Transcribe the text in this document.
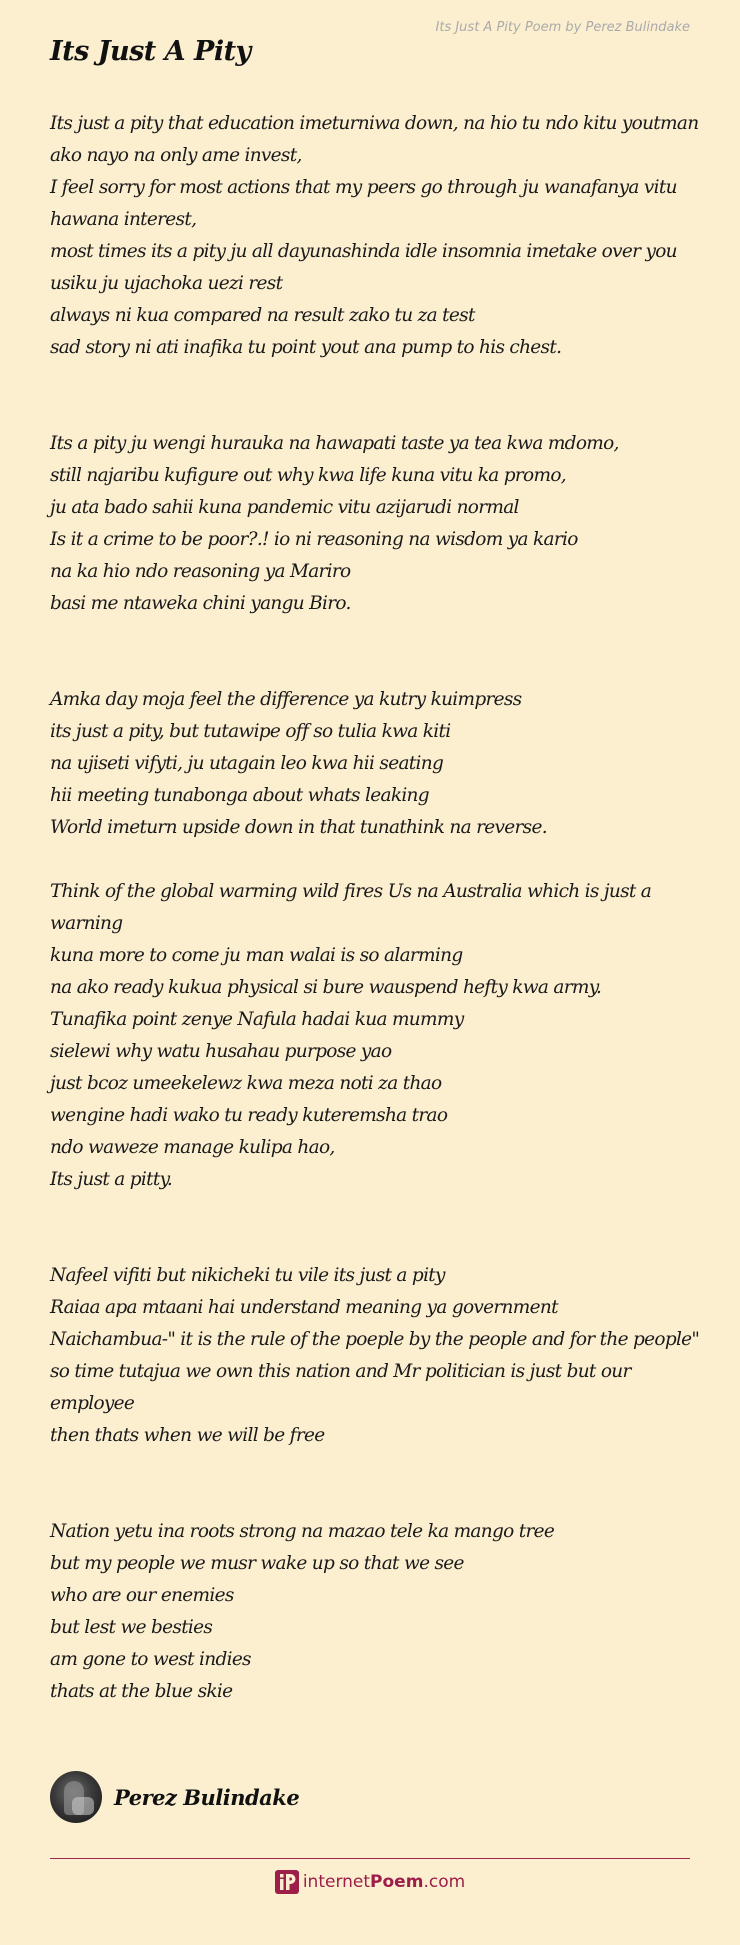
Its Just A Pity Poem by Perez Bulindake
Its Just A Pity
Its just a pity that education imeturniwa down, na hio tu ndo kitu youtman ako nayo na only ame invest,
I feel sorry for most actions that my peers go through ju wanafanya vitu hawana interest,
most times its a pity ju all dayunashinda idle insomnia imetake over you usiku ju ujachoka uezi rest
always ni kua compared na result zako tu za test
sad story ni ati inafika tu point yout ana pump to his chest.
Its a pity ju wengi hurauka na hawapati taste ya tea kwa mdomo,
still najaribu kufigure out why kwa life kuna vitu ka promo,
ju ata bado sahii kuna pandemic vitu azijarudi normal
Is it a crime to be poor?.! io ni reasoning na wisdom ya kario
na ka hio ndo reasoning ya Mariro
basi me ntaweka chini yangu Biro.
Amka day moja feel the difference ya kutry kuimpress
its just a pity, but tutawipe off so tulia kwa kiti
na ujiseti vifyti, ju utagain leo kwa hii seating
hii meeting tunabonga about whats leaking
World imeturn upside down in that tunathink na reverse.
Think of the global warming wild fires Us na Australia which is just a warning
kuna more to come ju man walai is so alarming
na ako ready kukua physical si bure wauspend hefty kwa army.
Tunafika point zenye Nafula hadai kua mummy
sielewi why watu husahau purpose yao
just bcoz umeekelewz kwa meza noti za thao
wengine hadi wako tu ready kuteremsha trao
ndo waweze manage kulipa hao,
Its just a pitty.
Nafeel vifiti but nikicheki tu vile its just a pity
Raiaa apa mtaani hai understand meaning ya government
Naichambua-" it is the rule of the poeple by the people and for the people"
so time tutajua we own this nation and Mr politician is just but our employee
then thats when we will be free
Nation yetu ina roots strong na mazao tele ka mango tree
but my people we musr wake up so that we see
who are our enemies
but lest we besties
am gone to west indies
thats at the blue skie
Perez Bulindake
internetPoem.com
